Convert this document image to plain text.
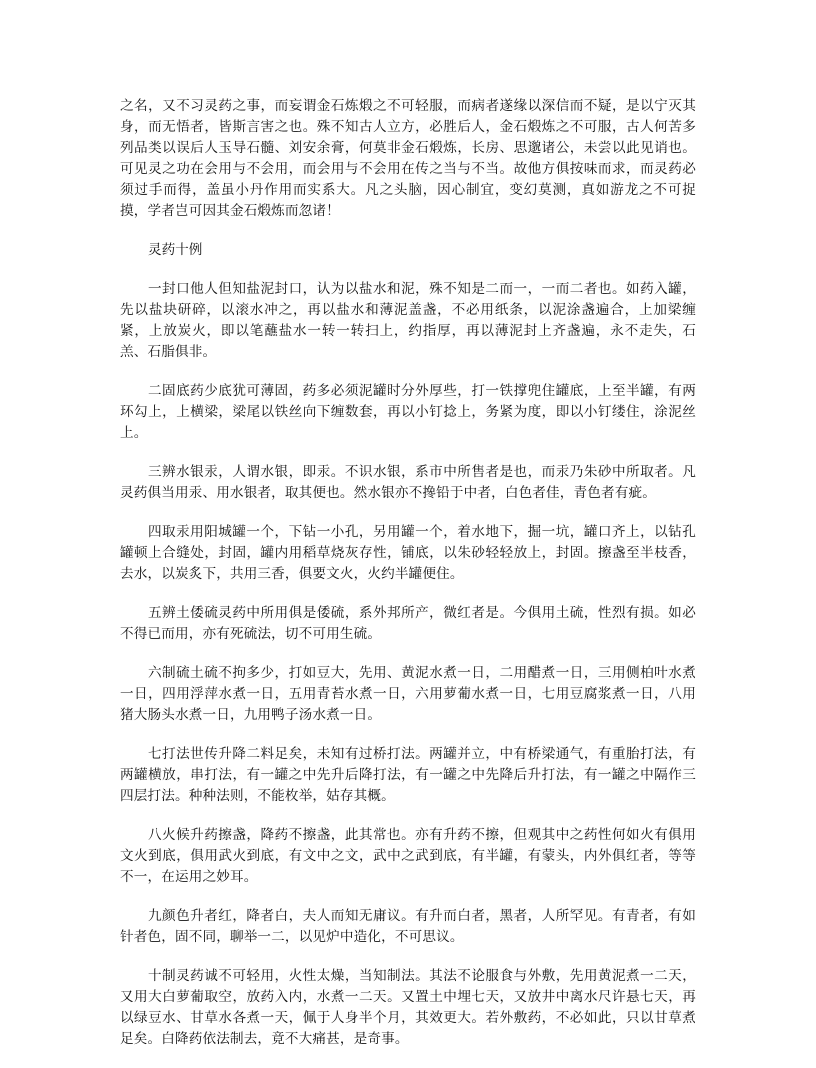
之名，又不习灵药之事，而妄谓金石炼煅之不可轻服，而病者遂缘以深信而不疑，是以宁灭其身，而无悟者，皆斯言害之也。殊不知古人立方，必胜后人，金石煅炼之不可服，古人何苦多列品类以误后人玉导石髓、刘安余膏，何莫非金石煅炼，长房、思邈诸公，未尝以此见诮也。可见灵之功在会用与不会用，而会用与不会用在传之当与不当。故他方俱按味而求，而灵药必须过手而得，盖虽小丹作用而实系大。凡之头脑，因心制宜，变幻莫测，真如游龙之不可捉摸，学者岂可因其金石煅炼而忽诸！

灵药十例

一封口他人但知盐泥封口，认为以盐水和泥，殊不知是二而一，一而二者也。如药入罐，先以盐块研碎，以滚水冲之，再以盐水和薄泥盖盏，不必用纸条，以泥涂盏遍合，上加梁缠紧，上放炭火，即以笔蘸盐水一转一转扫上，约指厚，再以薄泥封上齐盏遍，永不走失，石羔、石脂俱非。

二固底药少底犹可薄固，药多必须泥罐时分外厚些，打一铁撑兜住罐底，上至半罐，有两环勾上，上横梁，梁尾以铁丝向下缠数套，再以小钉捻上，务紧为度，即以小钉缕住，涂泥丝上。

三辨水银汞，人谓水银，即汞。不识水银，系市中所售者是也，而汞乃朱砂中所取者。凡灵药俱当用汞、用水银者，取其便也。然水银亦不搀铅于中者，白色者佳，青色者有疵。

四取汞用阳城罐一个，下钻一小孔，另用罐一个，着水地下，掘一坑，罐口齐上，以钻孔罐顿上合缝处，封固，罐内用稻草烧灰存性，铺底，以朱砂轻轻放上，封固。擦盏至半枝香，去水，以炭炙下，共用三香，俱要文火，火约半罐便住。

五辨土倭硫灵药中所用俱是倭硫，系外邦所产，微红者是。今俱用土硫，性烈有损。如必不得已而用，亦有死硫法，切不可用生硫。

六制硫土硫不拘多少，打如豆大，先用、黄泥水煮一日，二用醋煮一日，三用侧柏叶水煮一日，四用浮萍水煮一日，五用青苔水煮一日，六用萝葡水煮一日，七用豆腐浆煮一日，八用猪大肠头水煮一日，九用鸭子汤水煮一日。

七打法世传升降二料足矣，未知有过桥打法。两罐并立，中有桥梁通气，有重胎打法，有两罐横放，串打法，有一罐之中先升后降打法，有一罐之中先降后升打法，有一罐之中隔作三四层打法。种种法则，不能枚举，姑存其概。

八火候升药擦盏，降药不擦盏，此其常也。亦有升药不擦，但观其中之药性何如火有俱用文火到底，俱用武火到底，有文中之文，武中之武到底，有半罐，有蒙头，内外俱红者，等等不一，在运用之妙耳。

九颜色升者红，降者白，夫人而知无庸议。有升而白者，黑者，人所罕见。有青者，有如针者色，固不同，聊举一二，以见炉中造化，不可思议。

十制灵药诚不可轻用，火性太燥，当知制法。其法不论服食与外敷，先用黄泥煮一二天，又用大白萝葡取空，放药入内，水煮一二天。又置土中埋七天，又放井中离水尺许悬七天，再以绿豆水、甘草水各煮一天，佩于人身半个月，其效更大。若外敷药，不必如此，只以甘草煮足矣。白降药依法制去，竟不大痛甚，是奇事。
